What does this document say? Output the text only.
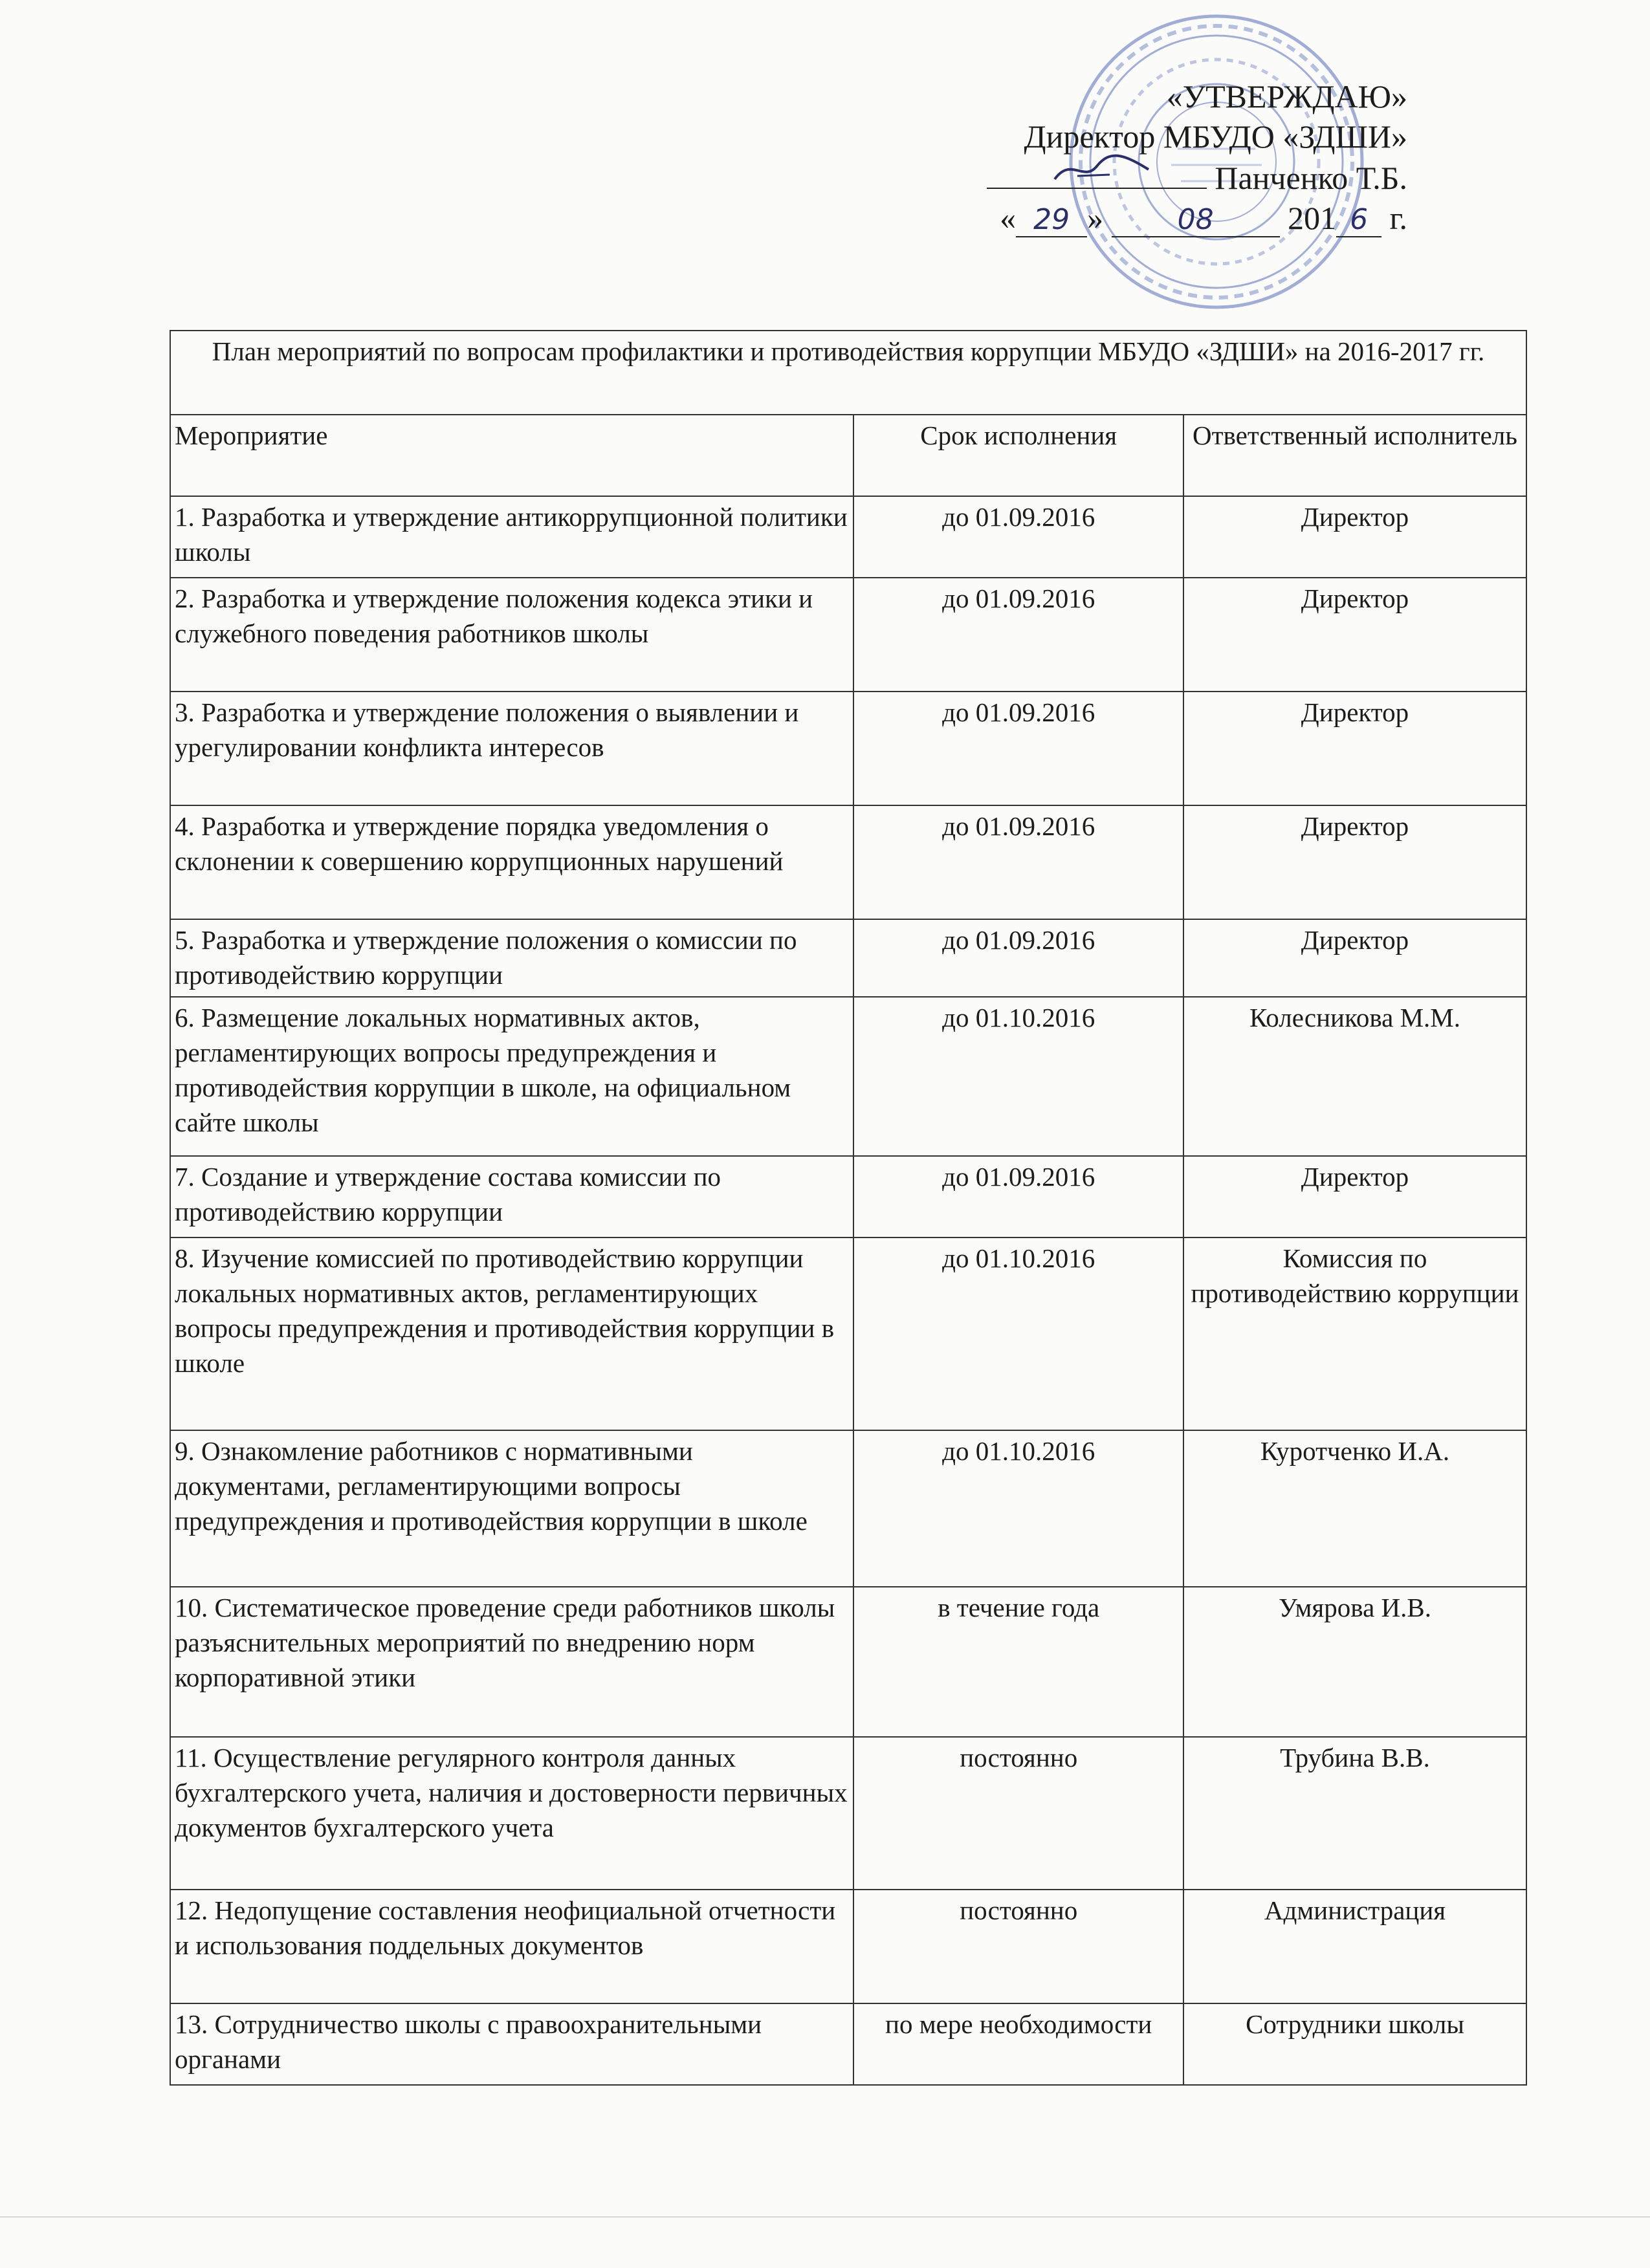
«УТВЕРЖДАЮ»
Директор МБУДО «ЗДШИ»
Панченко Т.Б.
« 29 »	08 201 6 г.
План мероприятий по вопросам профилактики и противодействия коррупции МБУДО «ЗДШИ» на 2016-2017 гг.		
Мероприятие	Срок исполнения	Ответственный исполнитель
1. Разработка и утверждение антикоррупционной политики школы	до 01.09.2016	Директор
2. Разработка и утверждение положения кодекса этики и служебного поведения работников школы	до 01.09.2016	Директор
3. Разработка и утверждение положения о выявлении и урегулировании конфликта интересов	до 01.09.2016	Директор
4. Разработка и утверждение порядка уведомления о склонении к совершению коррупционных нарушений	до 01.09.2016	Директор
5. Разработка и утверждение положения о комиссии по противодействию коррупции	до 01.09.2016	Директор
6. Размещение локальных нормативных актов, регламентирующих вопросы предупреждения и противодействия коррупции в школе, на официальном сайте школы	до 01.10.2016	Колесникова М.М.
7. Создание и утверждение состава комиссии по противодействию коррупции	до 01.09.2016	Директор
8. Изучение комиссией по противодействию коррупции локальных нормативных актов, регламентирующих вопросы предупреждения и противодействия коррупции в школе	до 01.10.2016	Комиссия по противодействию коррупции
9. Ознакомление работников с нормативными документами, регламентирующими вопросы предупреждения и противодействия коррупции в школе	до 01.10.2016	Куротченко И.А.
10. Систематическое проведение среди работников школы разъяснительных мероприятий по внедрению норм корпоративной этики	в течение года	Умярова И.В.
11. Осуществление регулярного контроля данных бухгалтерского учета, наличия и достоверности первичных документов бухгалтерского учета	постоянно	Трубина В.В.
12. Недопущение составления неофициальной отчетности и использования поддельных документов	постоянно	Администрация
13. Сотрудничество школы с правоохранительными органами	по мере необходимости	Сотрудники школы
